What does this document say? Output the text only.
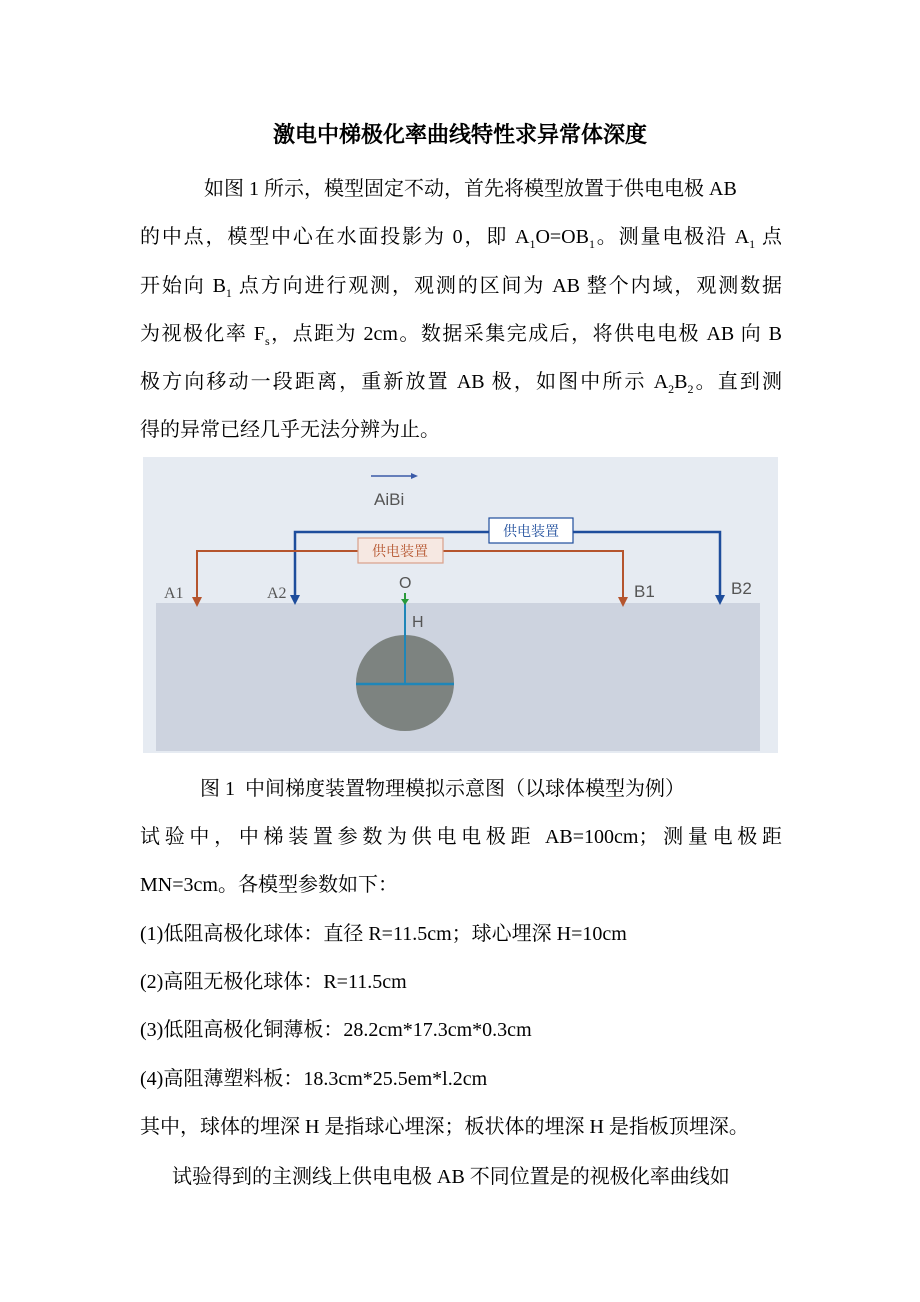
激电中梯极化率曲线特性求异常体深度
如图 1 所示，模型固定不动，首先将模型放置于供电电极 AB
的中点，模型中心在水面投影为 0，即 $A_1O=OB_1$。测量电极沿 $A_1$ 点
开始向 $B_1$ 点方向进行观测，观测的区间为 AB 整个内域，观测数据
为视极化率 $F_s$，点距为 2cm。数据采集完成后，将供电电极 AB 向 B
极方向移动一段距离，重新放置 AB 极，如图中所示 $A_2B_2$。直到测
得的异常已经几乎无法分辨为止。
AiBi
供电装置
供电装置
A1	A2
O	B1	B2
H
图 1  中间梯度装置物理模拟示意图（以球体模型为例）
试验中，中梯装置参数为供电电极距 AB=100cm；测量电极距
MN=3cm。各模型参数如下：
(1)低阻高极化球体：直径 R=11.5cm；球心埋深 H=10cm
(2)高阻无极化球体：R=11.5cm
(3)低阻高极化铜薄板：28.2cm*17.3cm*0.3cm
(4)高阻薄塑料板：18.3cm*25.5em*l.2cm
其中，球体的埋深 H 是指球心埋深；板状体的埋深 H 是指板顶埋深。
试验得到的主测线上供电电极 AB 不同位置是的视极化率曲线如
